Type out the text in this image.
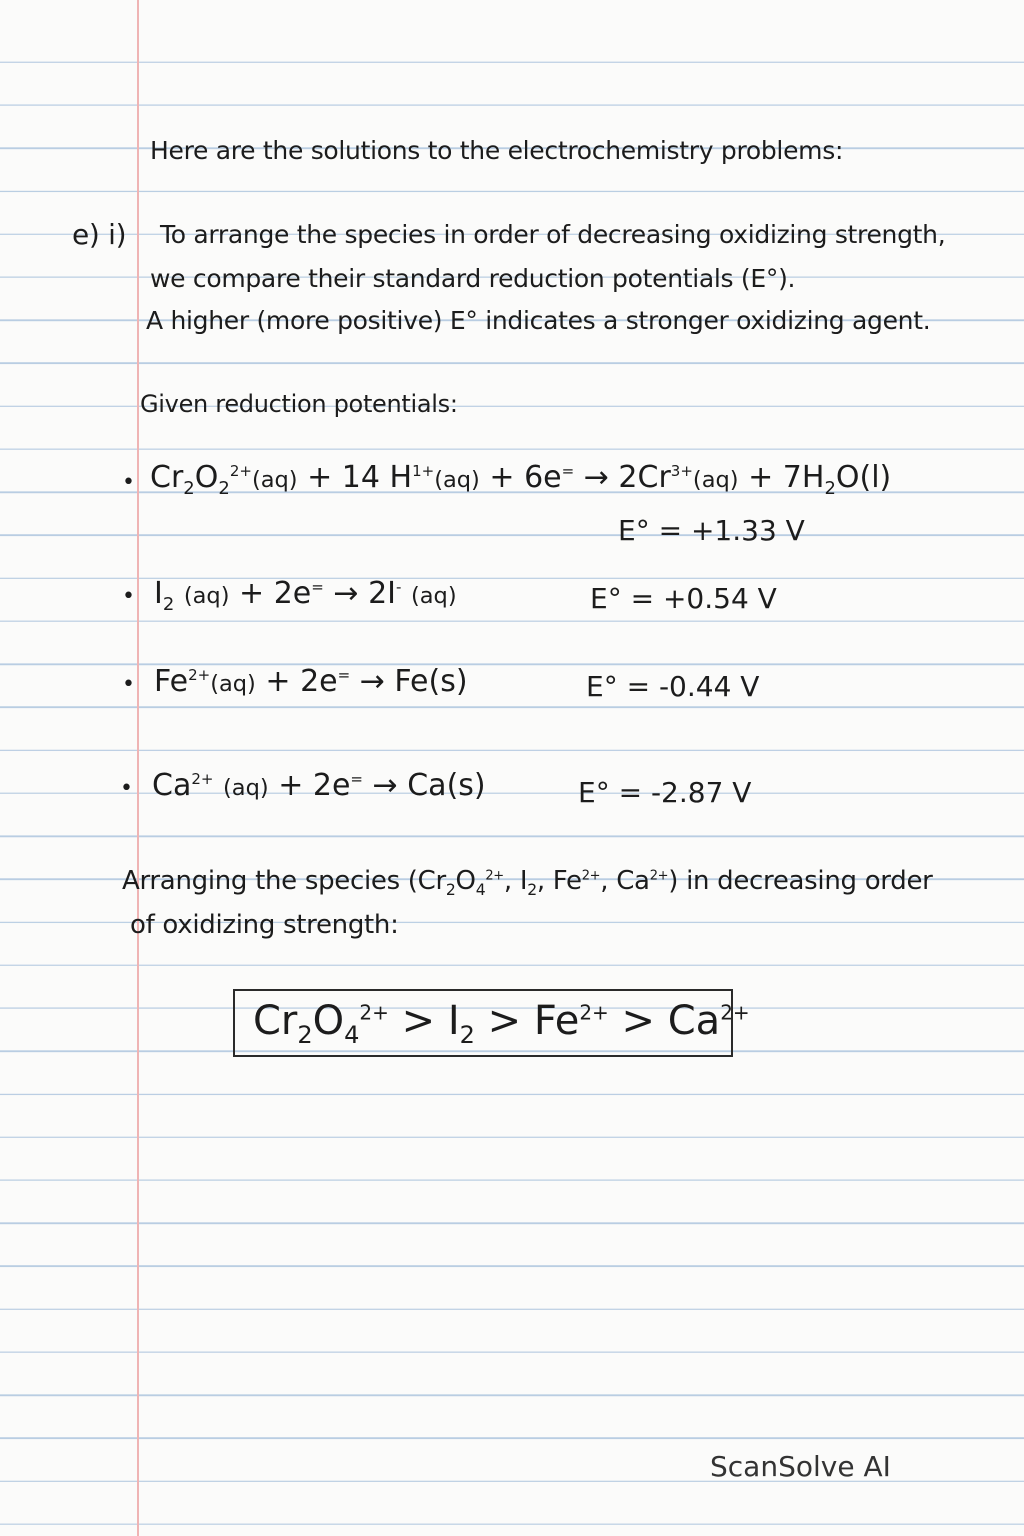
Here are the solutions to the electrochemistry problems:
e) i) To arrange the species in order of decreasing oxidizing strength,
we compare their standard reduction potentials (E°).
A higher (more positive) E° indicates a stronger oxidizing agent.
Given reduction potentials:
• $Cr_2O_2^{2+}(aq) + 14$ $H^{1+}(aq) + 6e^= \to 2Cr^{3+}(aq) + 7H_2O(l)$
E° = +1.33 V
• $I_2$ (aq) + 2e= → 2I- (aq)	E° = +0.54 V
• $Fe^{2+}(aq) + 2e^= \to Fe(s)$	E° = -0.44 V
• $Ca^{2+}$ (aq) + 2e= → Ca(s)	E° = -2.87 V
Arranging the species ($Cr_2O_4^{2+}$, $I_2$, $Fe^{2+}$, $Ca^{2+}$) in decreasing order
of oxidizing strength:
$Cr_2O_4^{2+} > I_2 > Fe^{2+} > Ca^{2+}$
ScanSolve AI
